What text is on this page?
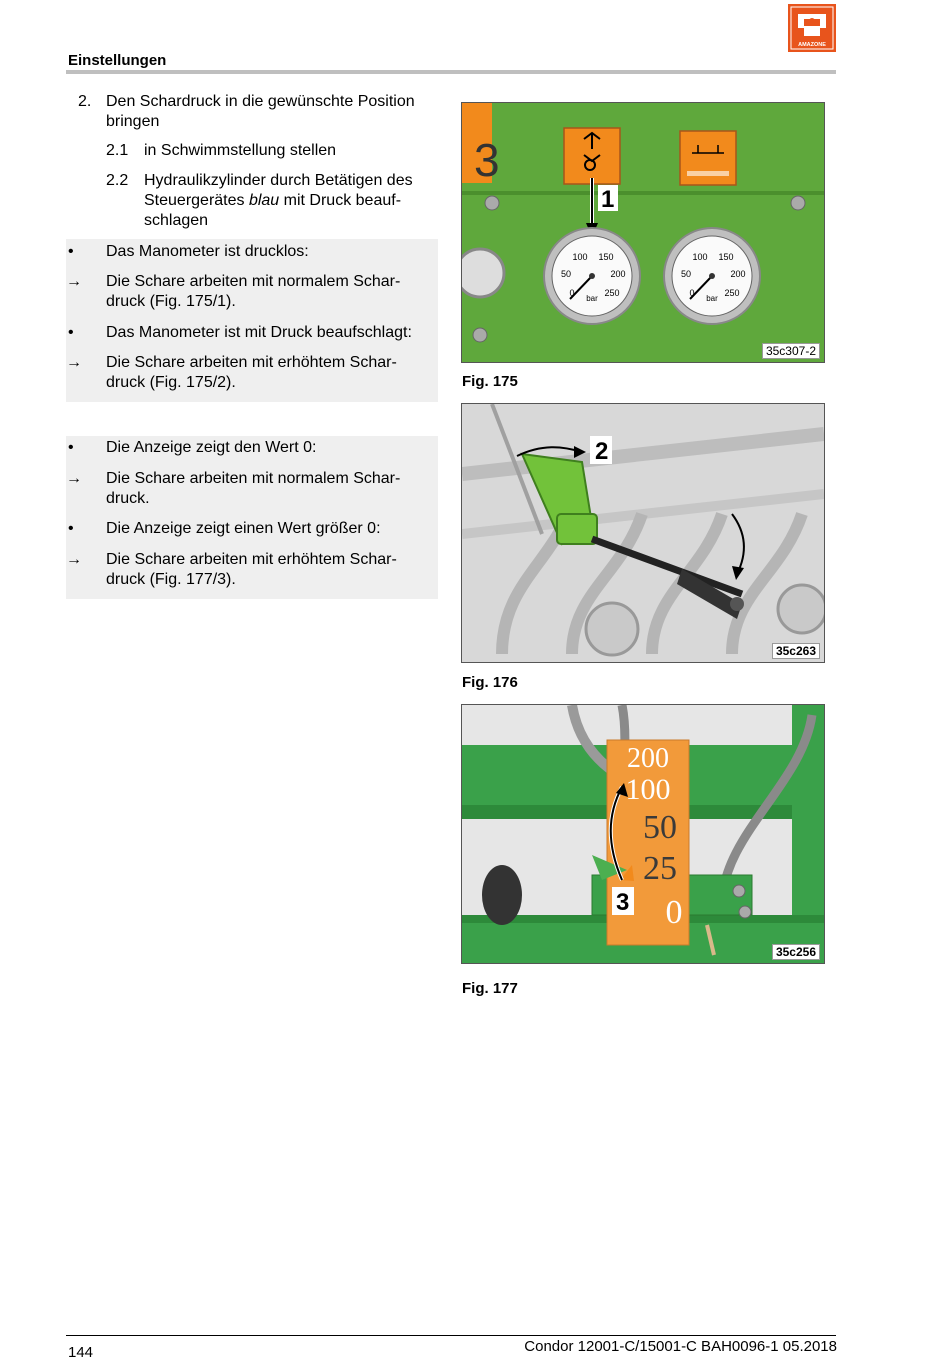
Einstellungen
AMAZONE
2. Den Schardruck in die gewünschte Position
bringen
2.1 in Schwimmstellung stellen
2.2 Hydraulikzylinder durch Betätigen des
Steuergerätes blau mit Druck beauf-
schlagen
• Das Manometer ist drucklos:
→ Die Schare arbeiten mit normalem Schar-
druck (Fig. 175/1).
• Das Manometer ist mit Druck beaufschlagt:
→ Die Schare arbeiten mit erhöhtem Schar-
druck (Fig. 175/2).
• Die Anzeige zeigt den Wert 0:
→ Die Schare arbeiten mit normalem Schar-
druck.
• Die Anzeige zeigt einen Wert größer 0:
→ Die Schare arbeiten mit erhöhtem Schar-
druck (Fig. 177/3).
3
1
100 150
50	200
0	250
bar
100 150
50	200
0	250
bar
35c307-2
Fig. 175
2
35c263
Fig. 176
200
100
50
25
0
3
35c256
Fig. 177
144	Condor 12001-C/15001-C BAH0096-1 05.2018
